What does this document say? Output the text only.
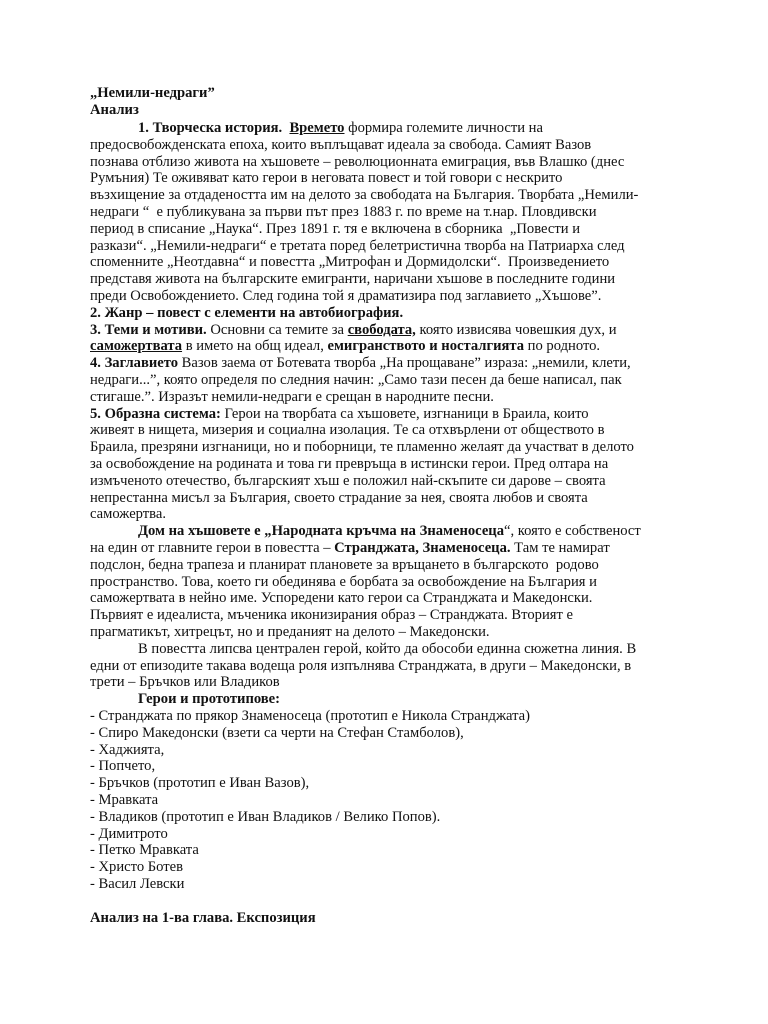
„Немили-недраги”
Анализ
1. Творческа история. Времето формира големите личности на
предосвобожденската епоха, които въплъщават идеала за свобода. Самият Вазов
познава отблизо живота на хъшовете – революционната емиграция, във Влашко (днес
Румъния) Те оживяват като герои в неговата повест и той говори с нескрито
възхищение за отдадеността им на делото за свободата на България. Творбата „Немили-
недраги “  е публикувана за първи път през 1883 г. по време на т.нар. Пловдивски
период в списание „Наука“. През 1891 г. тя е включена в сборника  „Повести и
разкази“. „Немили-недраги“ е третата поред белетристична творба на Патриарха след
споменните „Неотдавна“ и повестта „Митрофан и Дормидолски“.  Произведението
представя живота на българските емигранти, наричани хъшове в последните години
преди Освобождението. След година той я драматизира под заглавието „Хъшове”.
2. Жанр – повест с елементи на автобиография.
3. Теми и мотиви. Основни са темите за свободата, която извисява човешкия дух, и
саможертвата в името на общ идеал, емигранството и носталгията по родното.
4. Заглавието Вазов заема от Ботевата творба „На прощаване” израза: „немили, клети,
недраги...”, която определя по следния начин: „Само тази песен да беше написал, пак
стигаше.”. Изразът немили-недраги е срещан в народните песни.
5. Образна система: Герои на творбата са хъшовете, изгнаници в Браила, които
живеят в нищета, мизерия и социална изолация. Те са отхвърлени от обществото в
Браила, презряни изгнаници, но и поборници, те пламенно желаят да участват в делото
за освобождение на родината и това ги превръща в истински герои. Пред олтара на
измъченото отечество, българският хъш е положил най-скъпите си дарове – своята
непрестанна мисъл за България, своето страдание за нея, своята любов и своята
саможертва.
Дом на хъшовете е „Народната кръчма на Знаменосеца“, която е собственост
на един от главните герои в повестта – Странджата, Знаменосеца. Там те намират
подслон, бедна трапеза и планират плановете за връщането в българското  родово
пространство. Това, което ги обединява е борбата за освобождение на България и
саможертвата в нейно име. Успоредени като герои са Странджата и Македонски.
Първият е идеалиста, мъченика иконизирания образ – Странджата. Вторият е
прагматикът, хитрецът, но и преданият на делото – Македонски.
В повестта липсва централен герой, който да обособи единна сюжетна линия. В
едни от епизодите такава водеща роля изпълнява Странджата, в други – Македонски, в
трети – Бръчков или Владиков
Герои и прототипове:
- Странджата по прякор Знаменосеца (прототип е Никола Странджата)
- Спиро Македонски (взети са черти на Стефан Стамболов),
- Хаджията,
- Попчето,
- Бръчков (прототип е Иван Вазов),
- Мравката
- Владиков (прототип е Иван Владиков / Велико Попов).
- Димитрото
- Петко Мравката
- Христо Ботев
- Васил Левски
Анализ на 1-ва глава. Експозиция
